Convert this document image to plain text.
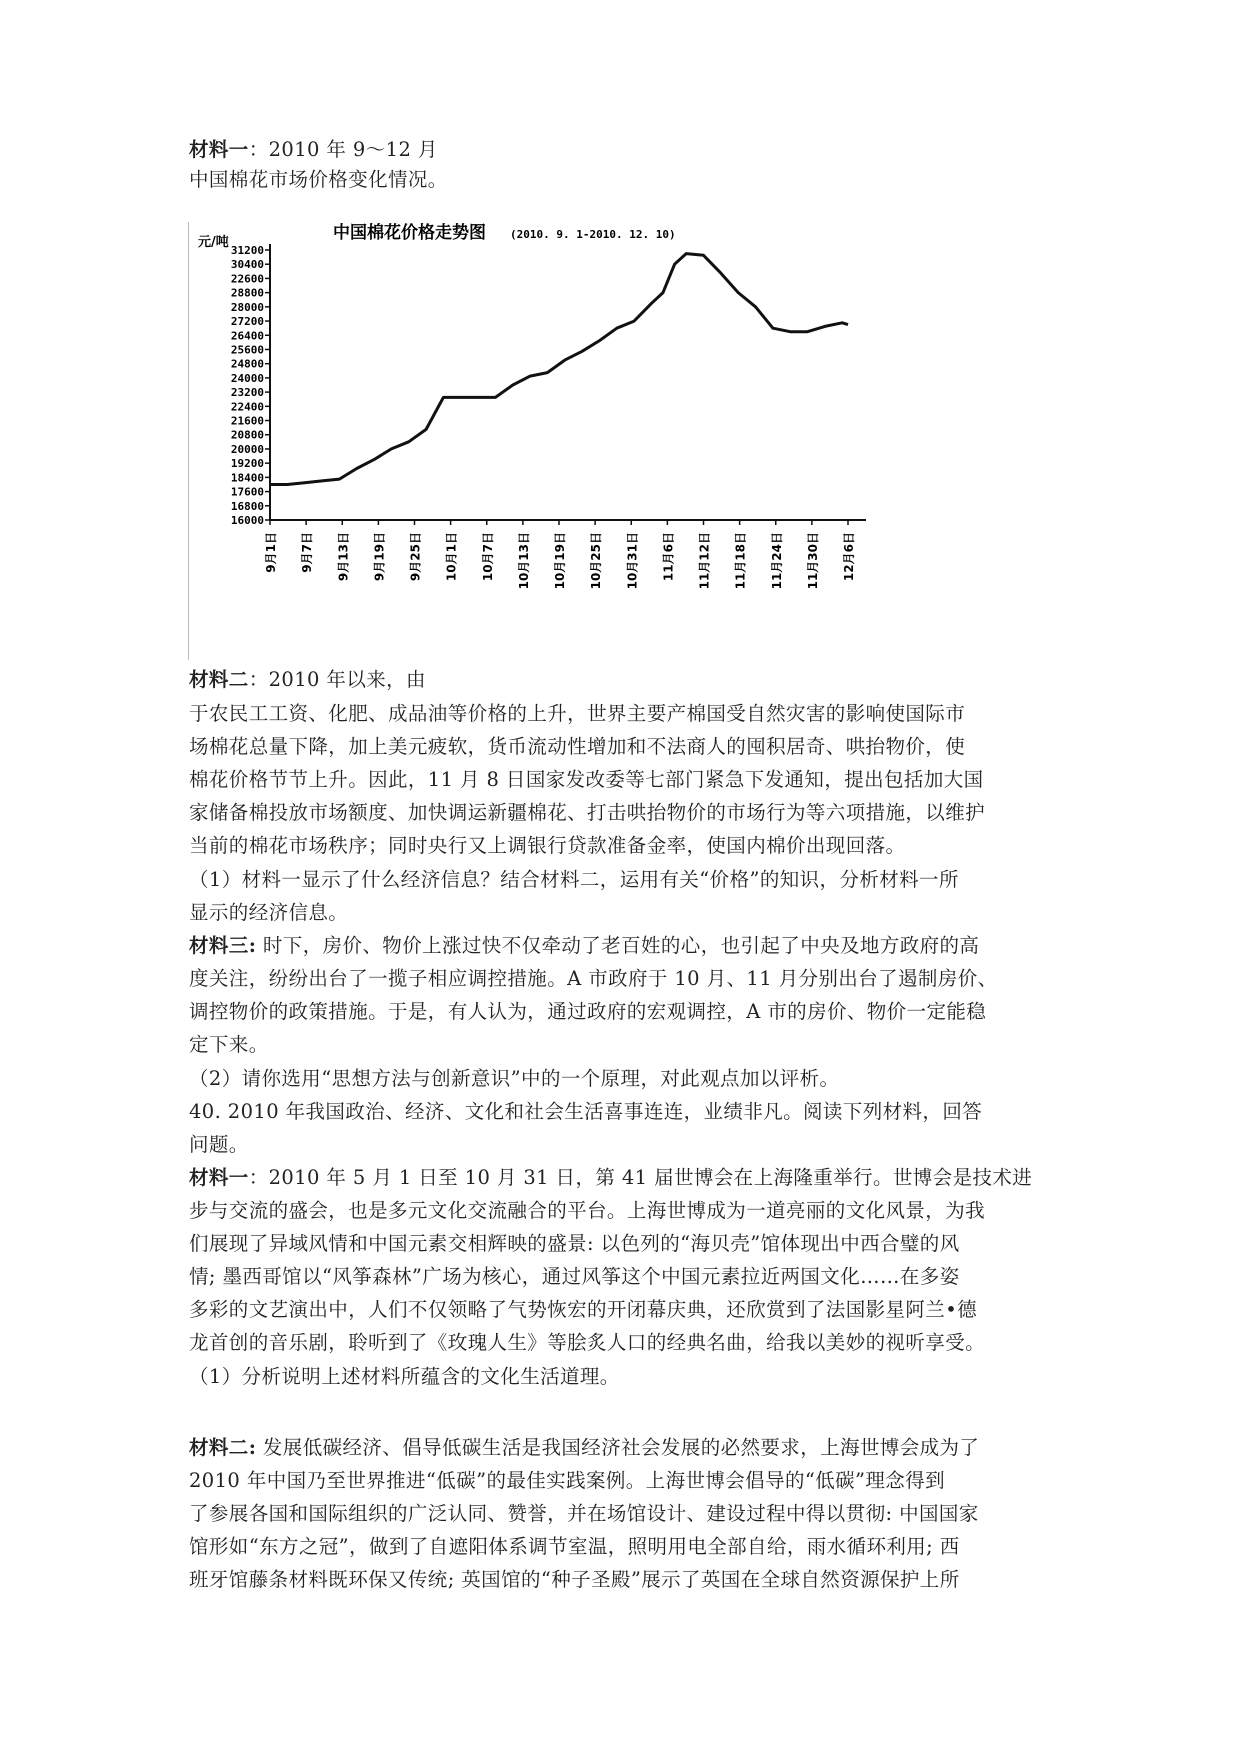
材料一：2010 年 9～12 月
中国棉花市场价格变化情况。
元/吨	中国棉花价格走势图 (2010. 9. 1-2010. 12. 10)
16000
16800
17600
18400
19200
20000
20800
21600
22400
23200
24000
24800
25600
26400
27200
28000
28800
22600
30400
31200
9月1日 9月7日 9月13日 9月19日 9月25日 10月1日 10月7日 10月13日 10月19日 10月25日 10月31日 11月6日 11月12日 11月18日 11月24日 11月30日 12月6日
材料二：2010 年以来，由
于农民工工资、化肥、成品油等价格的上升，世界主要产棉国受自然灾害的影响使国际市
场棉花总量下降，加上美元疲软，货币流动性增加和不法商人的囤积居奇、哄抬物价，使
棉花价格节节上升。因此，11 月 8 日国家发改委等七部门紧急下发通知，提出包括加大国
家储备棉投放市场额度、加快调运新疆棉花、打击哄抬物价的市场行为等六项措施，以维护
当前的棉花市场秩序；同时央行又上调银行贷款准备金率，使国内棉价出现回落。
（1）材料一显示了什么经济信息？结合材料二，运用有关“价格”的知识，分析材料一所
显示的经济信息。
材料三: 时下，房价、物价上涨过快不仅牵动了老百姓的心，也引起了中央及地方政府的高
度关注，纷纷出台了一揽子相应调控措施。A 市政府于 10 月、11 月分别出台了遏制房价、
调控物价的政策措施。于是，有人认为，通过政府的宏观调控，A 市的房价、物价一定能稳
定下来。
（2）请你选用“思想方法与创新意识”中的一个原理，对此观点加以评析。
40. 2010 年我国政治、经济、文化和社会生活喜事连连，业绩非凡。阅读下列材料，回答
问题。
材料一：2010 年 5 月 1 日至 10 月 31 日，第 41 届世博会在上海隆重举行。世博会是技术进
步与交流的盛会，也是多元文化交流融合的平台。上海世博成为一道亮丽的文化风景，为我
们展现了异域风情和中国元素交相辉映的盛景: 以色列的“海贝壳”馆体现出中西合璧的风
情; 墨西哥馆以“风筝森林”广场为核心，通过风筝这个中国元素拉近两国文化……在多姿
多彩的文艺演出中，人们不仅领略了气势恢宏的开闭幕庆典，还欣赏到了法国影星阿兰•德
龙首创的音乐剧，聆听到了《玫瑰人生》等脍炙人口的经典名曲，给我以美妙的视听享受。
（1）分析说明上述材料所蕴含的文化生活道理。
材料二: 发展低碳经济、倡导低碳生活是我国经济社会发展的必然要求，上海世博会成为了
2010 年中国乃至世界推进“低碳”的最佳实践案例。上海世博会倡导的“低碳”理念得到
了参展各国和国际组织的广泛认同、赞誉，并在场馆设计、建设过程中得以贯彻: 中国国家
馆形如“东方之冠”，做到了自遮阳体系调节室温，照明用电全部自给，雨水循环利用; 西
班牙馆藤条材料既环保又传统; 英国馆的“种子圣殿”展示了英国在全球自然资源保护上所
